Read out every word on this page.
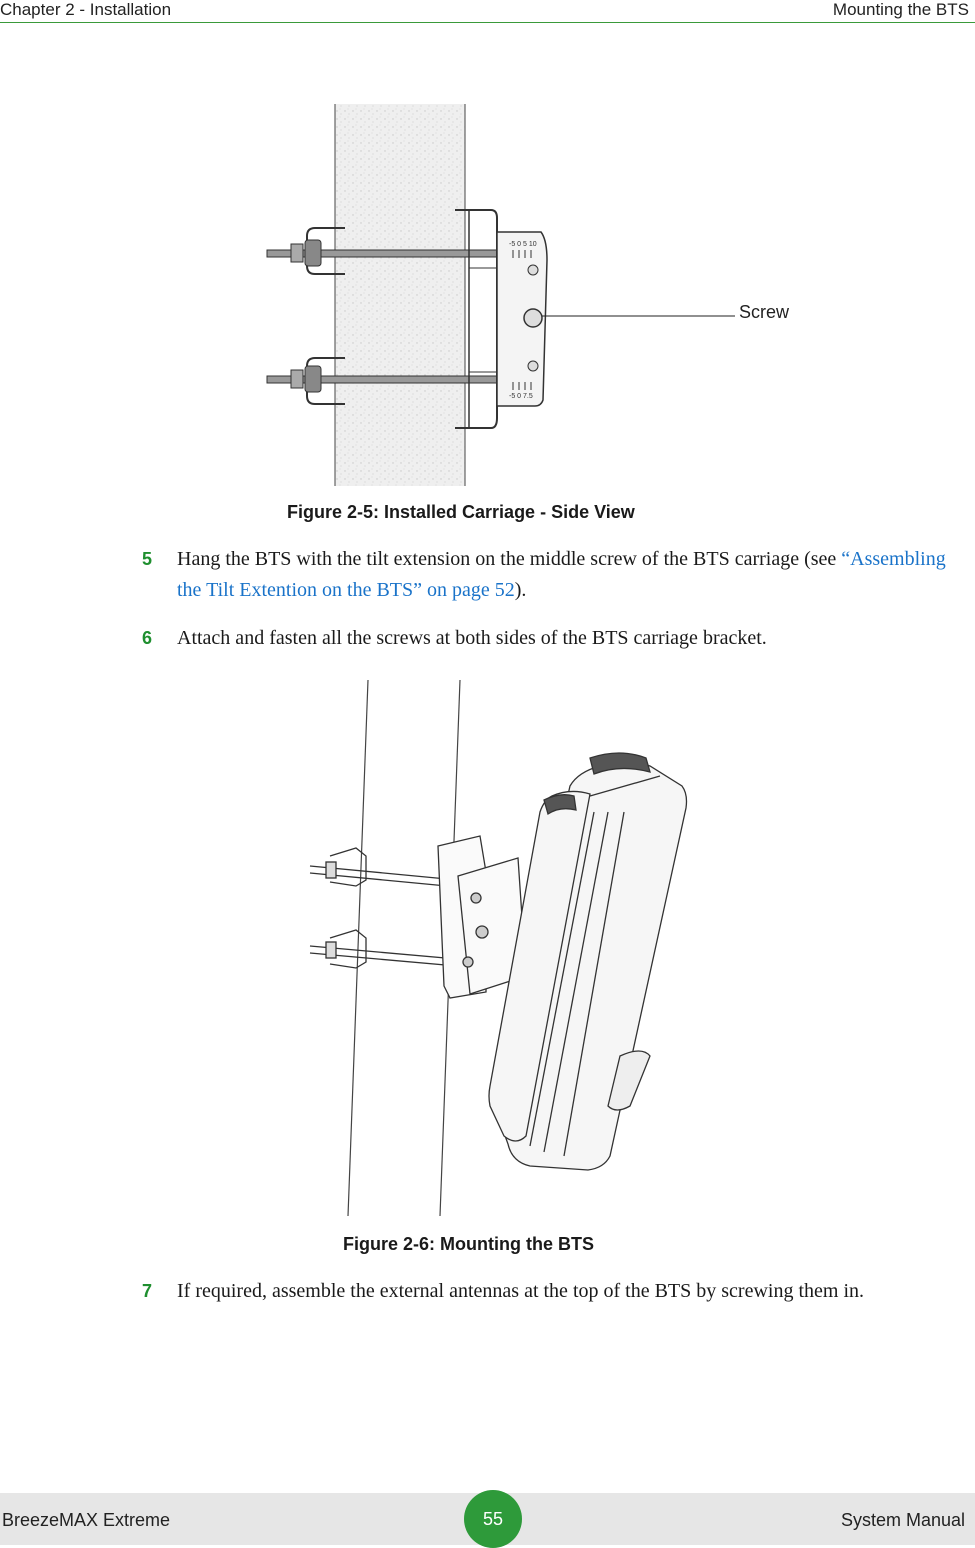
Chapter 2 - Installation	Mounting the BTS
-5 0 5 10
-5 0 7.5
Screw
Figure 2-5: Installed Carriage - Side View
5 Hang the BTS with the tilt extension on the middle screw of the BTS carriage (see “Assembling the Tilt Extention on the BTS” on page 52).
6 Attach and fasten all the screws at both sides of the BTS carriage bracket.
Figure 2-6: Mounting the BTS
7 If required, assemble the external antennas at the top of the BTS by screwing them in.
BreezeMAX Extreme	55	System Manual
